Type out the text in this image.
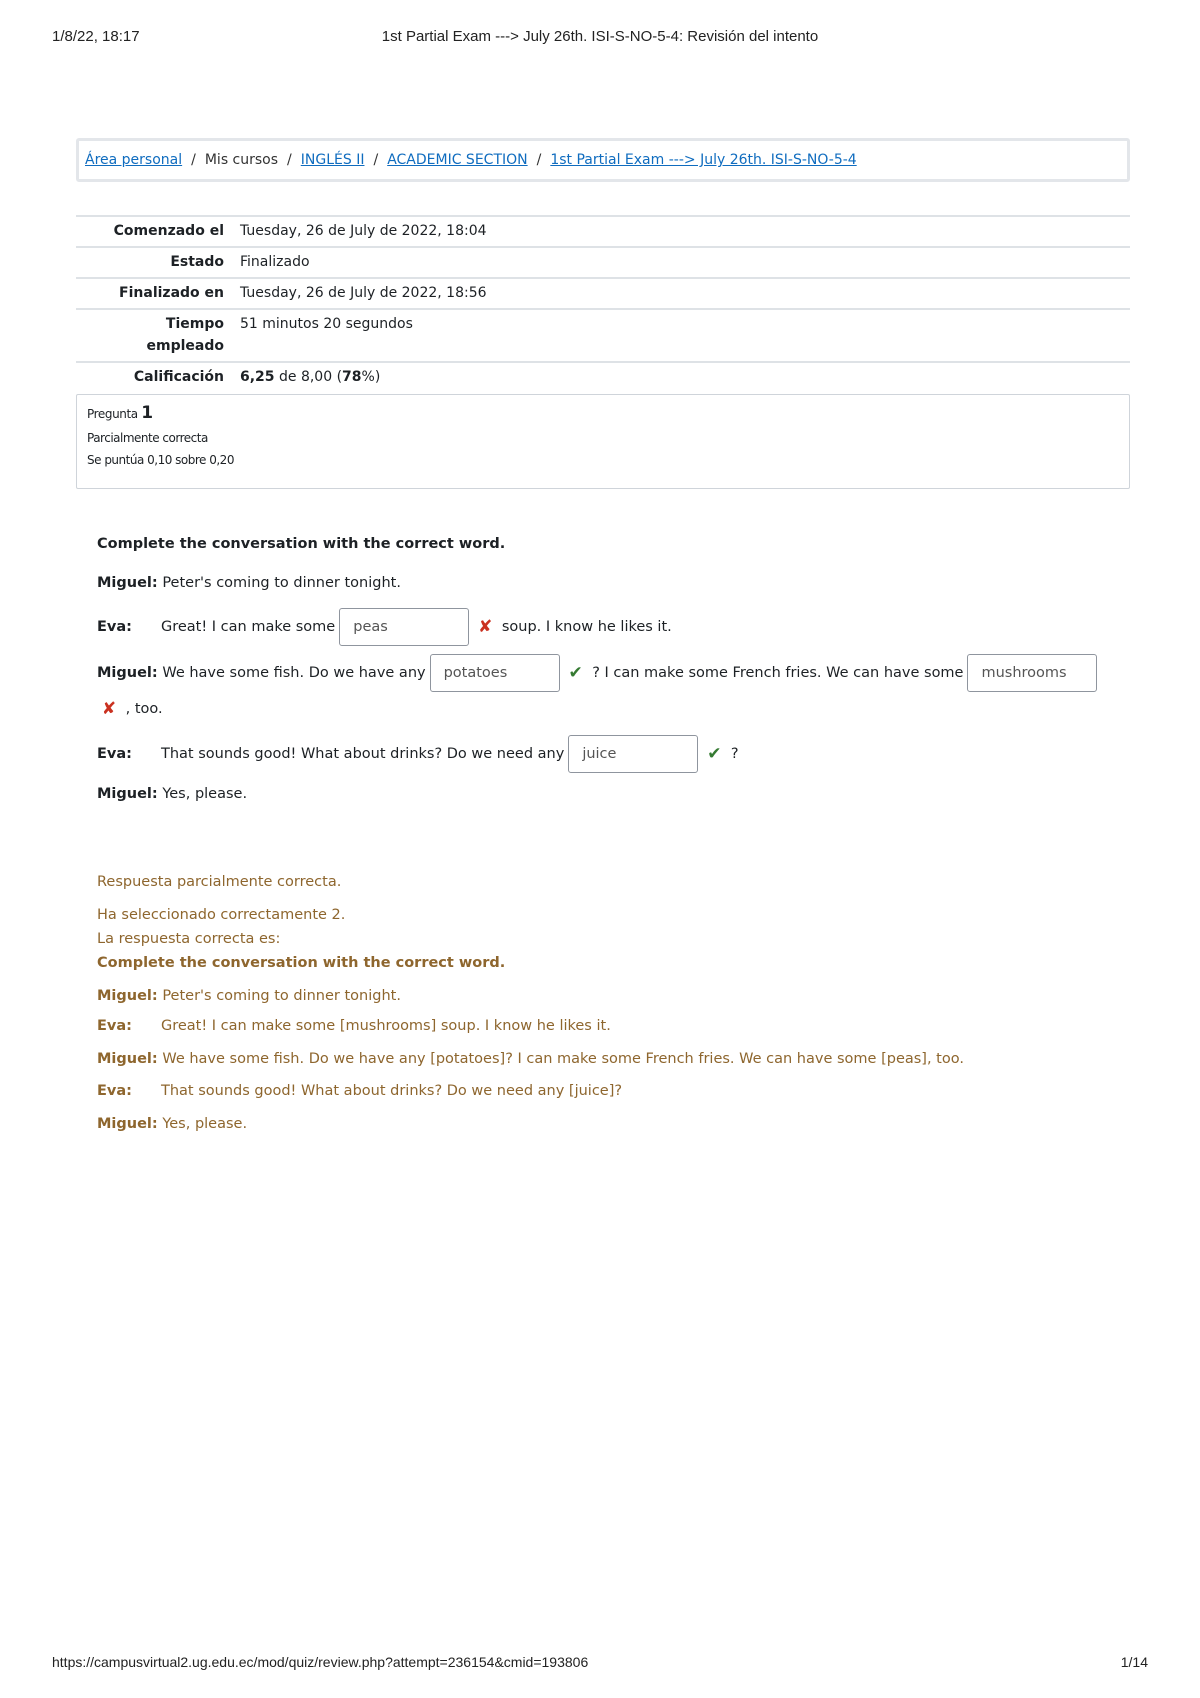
1/8/22, 18:17	1st Partial Exam ---> July 26th. ISI-S-NO-5-4: Revisión del intento
Área personal / Mis cursos / INGLÉS II / ACADEMIC SECTION / 1st Partial Exam ---> July 26th. ISI-S-NO-5-4
Comenzado el	Tuesday, 26 de July de 2022, 18:04
Estado	Finalizado
Finalizado en	Tuesday, 26 de July de 2022, 18:56
Tiempo
empleado	51 minutos 20 segundos
Calificación	6,25 de 8,00 (78%)
Pregunta 1
Parcialmente correcta
Se puntúa 0,10 sobre 0,20
Complete the conversation with the correct word.
Miguel:
Peter's coming to dinner tonight.
Eva:	Great! I can make some	peas	✘
soup. I know he likes it.
Miguel:
We have some fish. Do we have any	potatoes	✔
? I can make some French fries. We can have some	mushrooms
✘
, too.
Eva:	That sounds good! What about drinks? Do we need any	juice	✔
?
Miguel:
Yes, please.
Respuesta parcialmente correcta.
Ha seleccionado correctamente 2.
La respuesta correcta es:
Complete the conversation with the correct word.
Miguel: Peter's coming to dinner tonight.
Eva: Great! I can make some [mushrooms] soup. I know he likes it.
Miguel: We have some fish. Do we have any [potatoes]? I can make some French fries. We can have some [peas], too.
Eva: That sounds good! What about drinks? Do we need any [juice]?
Miguel: Yes, please.
https://campusvirtual2.ug.edu.ec/mod/quiz/review.php?attempt=236154&cmid=193806	1/14
